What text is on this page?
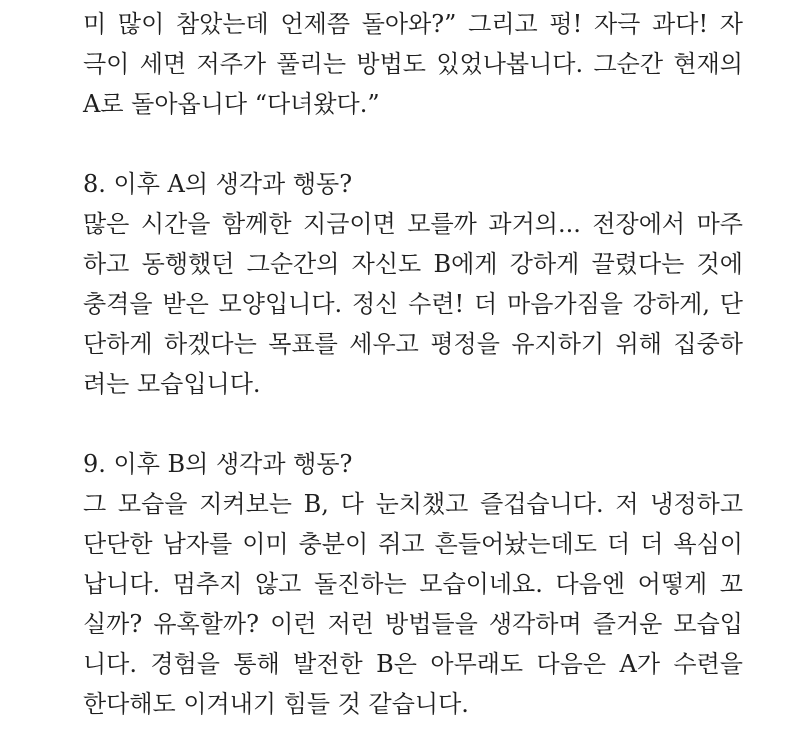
미 많이 참았는데 언제쯤 돌아와?” 그리고 펑! 자극 과다! 자
극이 세면 저주가 풀리는 방법도 있었나봅니다. 그순간 현재의
A로 돌아옵니다 “다녀왔다.”
8. 이후 A의 생각과 행동?
많은 시간을 함께한 지금이면 모를까 과거의... 전장에서 마주
하고 동행했던 그순간의 자신도 B에게 강하게 끌렸다는 것에
충격을 받은 모양입니다. 정신 수련! 더 마음가짐을 강하게, 단
단하게 하겠다는 목표를 세우고 평정을 유지하기 위해 집중하
려는 모습입니다.
9. 이후 B의 생각과 행동?
그 모습을 지켜보는 B, 다 눈치챘고 즐겁습니다. 저 냉정하고
단단한 남자를 이미 충분이 쥐고 흔들어놨는데도 더 더 욕심이
납니다. 멈추지 않고 돌진하는 모습이네요. 다음엔 어떻게 꼬
실까? 유혹할까? 이런 저런 방법들을 생각하며 즐거운 모습입
니다. 경험을 통해 발전한 B은 아무래도 다음은 A가 수련을
한다해도 이겨내기 힘들 것 같습니다.
